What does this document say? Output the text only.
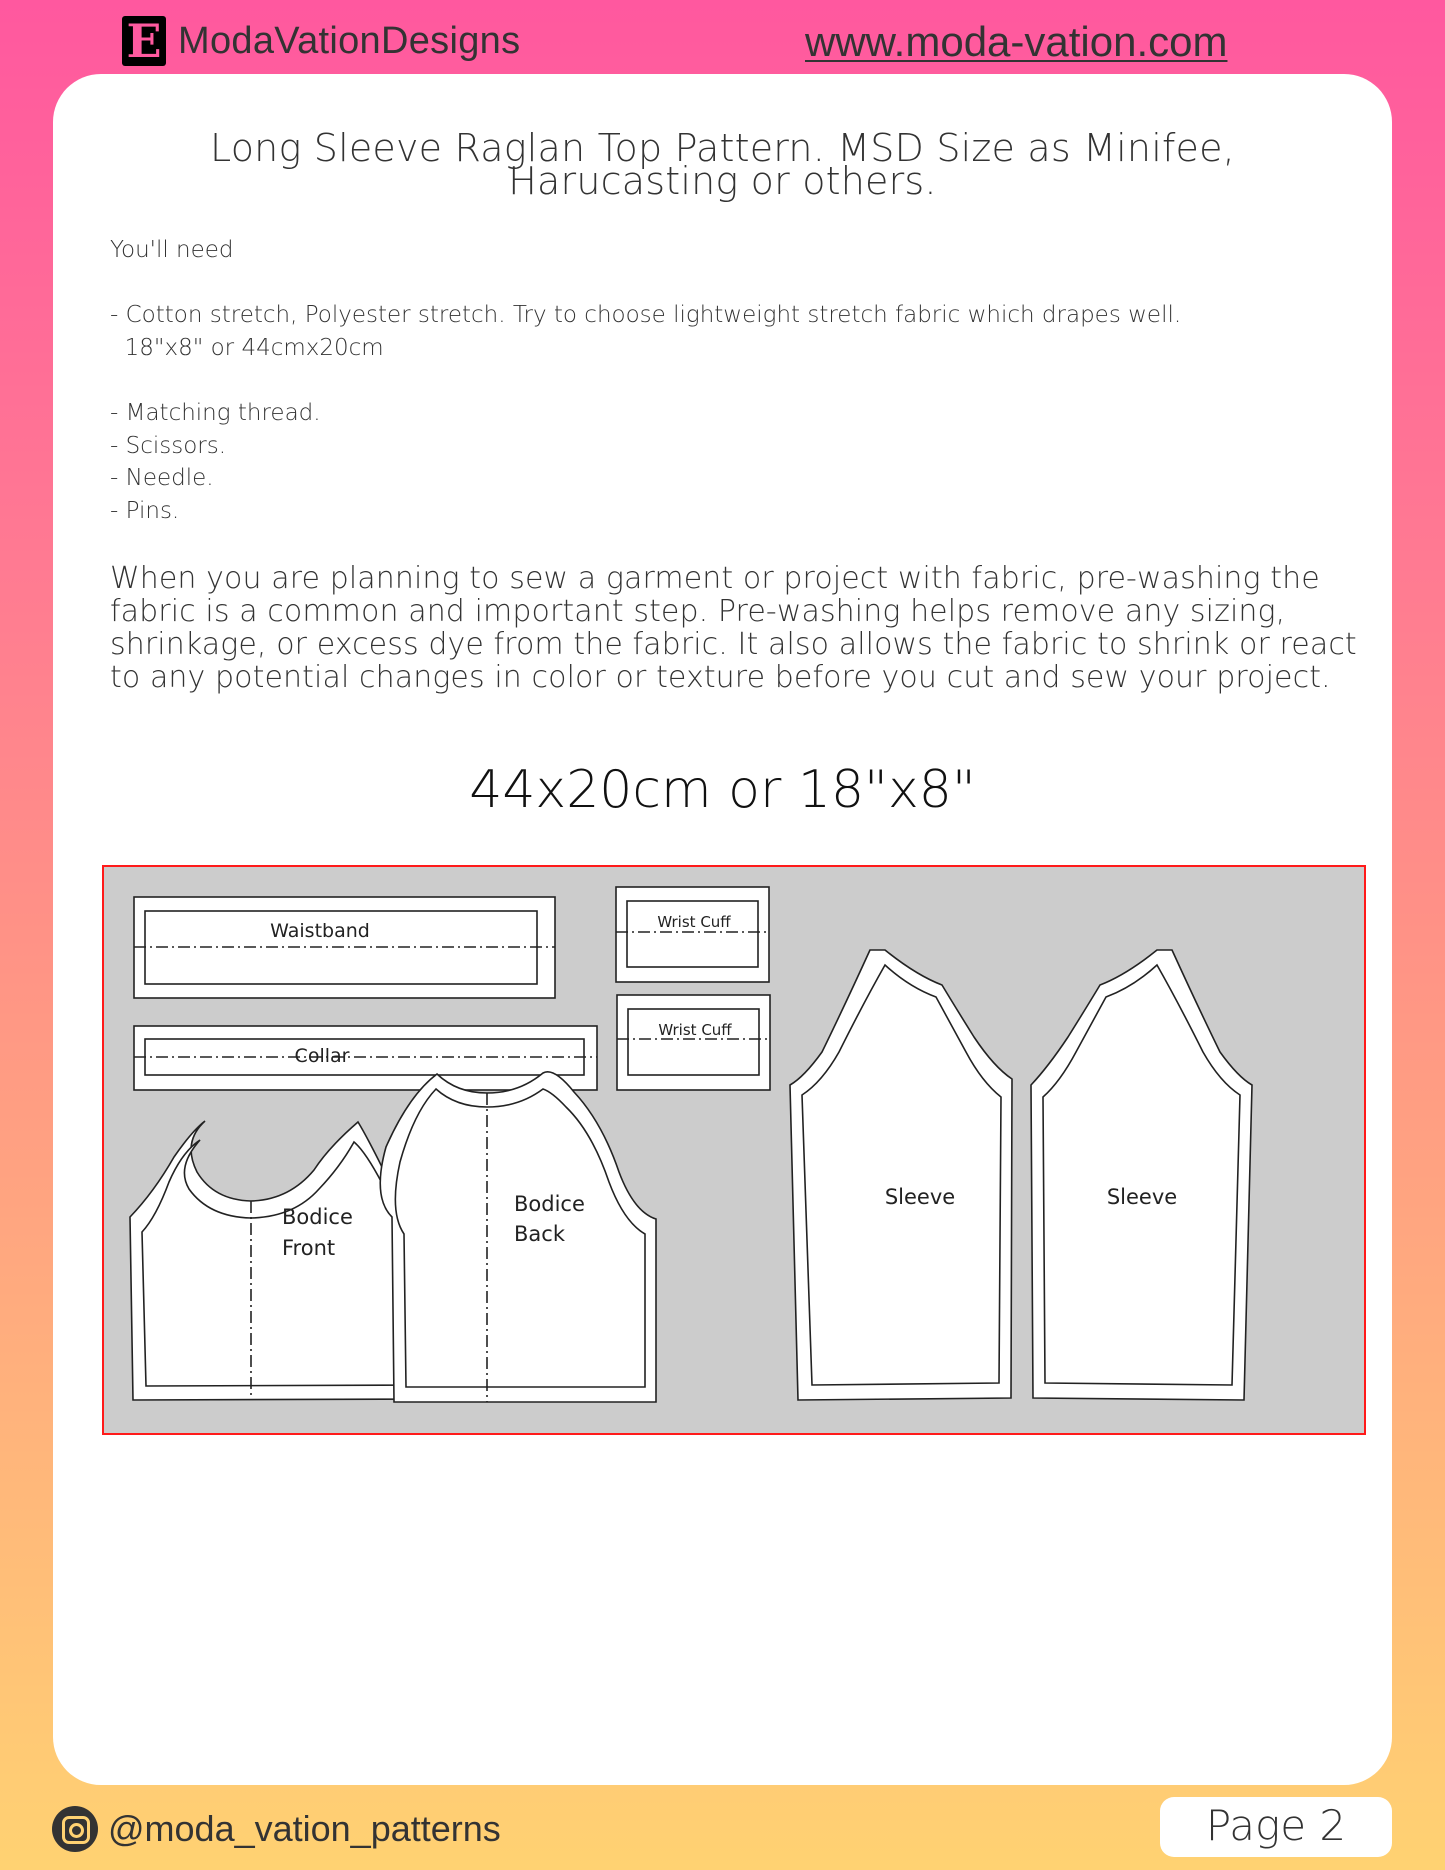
E ModaVationDesigns	www.moda-vation.com
Long Sleeve Raglan Top Pattern. MSD Size as Minifee,
Harucasting or others.
You'll need

- Cotton stretch, Polyester stretch. Try to choose lightweight stretch fabric which drapes well.
18"x8" or 44cmx20cm

- Matching thread.
- Scissors.
- Needle.
- Pins.
When you are planning to sew a garment or project with fabric, pre-washing the
fabric is a common and important step. Pre-washing helps remove any sizing,
shrinkage, or excess dye from the fabric. It also allows the fabric to shrink or react
to any potential changes in color or texture before you cut and sew your project.
44x20cm or 18"x8"
Waistband
Collar
Wrist Cuff
Wrist Cuff
Bodice
Front
Bodice
Back
Sleeve	Sleeve
@moda_vation_patterns	Page 2
